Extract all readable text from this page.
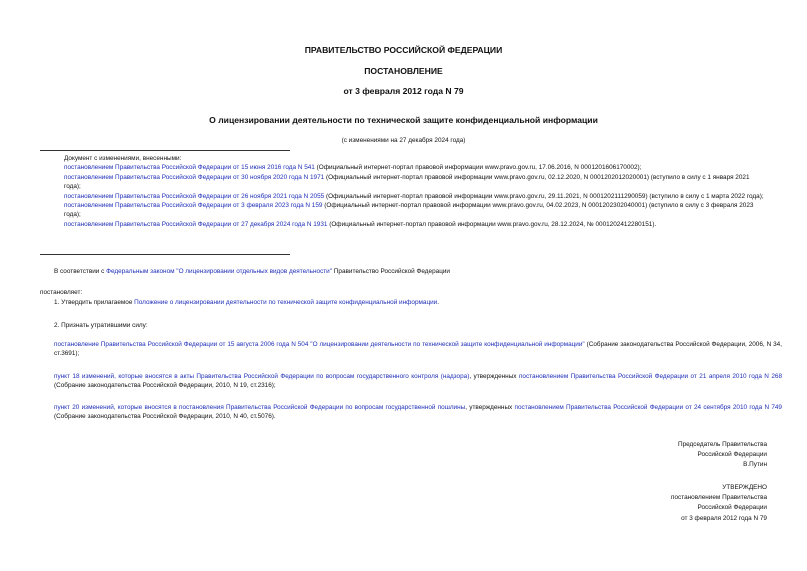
ПРАВИТЕЛЬСТВО РОССИЙСКОЙ ФЕДЕРАЦИИ

ПОСТАНОВЛЕНИЕ

от 3 февраля 2012 года N 79

О лицензировании деятельности по технической защите конфиденциальной информации

(с изменениями на 27 декабря 2024 года)

Документ с изменениями, внесенными:
постановлением Правительства Российской Федерации от 15 июня 2016 года N 541 (Официальный интернет-портал правовой информации www.pravo.gov.ru, 17.06.2016, N 0001201606170002);
постановлением Правительства Российской Федерации от 30 ноября 2020 года N 1971 (Официальный интернет-портал правовой информации www.pravo.gov.ru, 02.12.2020, N 0001202012020001) (вступило в силу с 1 января 2021 года);
постановлением Правительства Российской Федерации от 26 ноября 2021 года N 2055 (Официальный интернет-портал правовой информации www.pravo.gov.ru, 29.11.2021, N 0001202111290059) (вступило в силу с 1 марта 2022 года);
постановлением Правительства Российской Федерации от 3 февраля 2023 года N 159 (Официальный интернет-портал правовой информации www.pravo.gov.ru, 04.02.2023, N 0001202302040001) (вступило в силу с 3 февраля 2023 года);
постановлением Правительства Российской Федерации от 27 декабря 2024 года N 1931 (Официальный интернет-портал правовой информации www.pravo.gov.ru, 28.12.2024, № 0001202412280151).
В соответствии с Федеральным законом "О лицензировании отдельных видов деятельности" Правительство Российской Федерации
постановляет:
1. Утвердить прилагаемое Положение о лицензировании деятельности по технической защите конфиденциальной информации.
2. Признать утратившими силу:
постановление Правительства Российской Федерации от 15 августа 2006 года N 504 "О лицензировании деятельности по технической защите конфиденциальной информации" (Собрание законодательства Российской Федерации, 2006, N 34, ст.3691);
пункт 18 изменений, которые вносятся в акты Правительства Российской Федерации по вопросам государственного контроля (надзора), утвержденных постановлением Правительства Российской Федерации от 21 апреля 2010 года N 268 (Собрание законодательства Российской Федерации, 2010, N 19, ст.2316);
пункт 20 изменений, которые вносятся в постановления Правительства Российской Федерации по вопросам государственной пошлины, утвержденных постановлением Правительства Российской Федерации от 24 сентября 2010 года N 749 (Собрание законодательства Российской Федерации, 2010, N 40, ст.5076).
Председатель Правительства
Российской Федерации
В.Путин
УТВЕРЖДЕНО
постановлением Правительства
Российской Федерации
от 3 февраля 2012 года N 79
